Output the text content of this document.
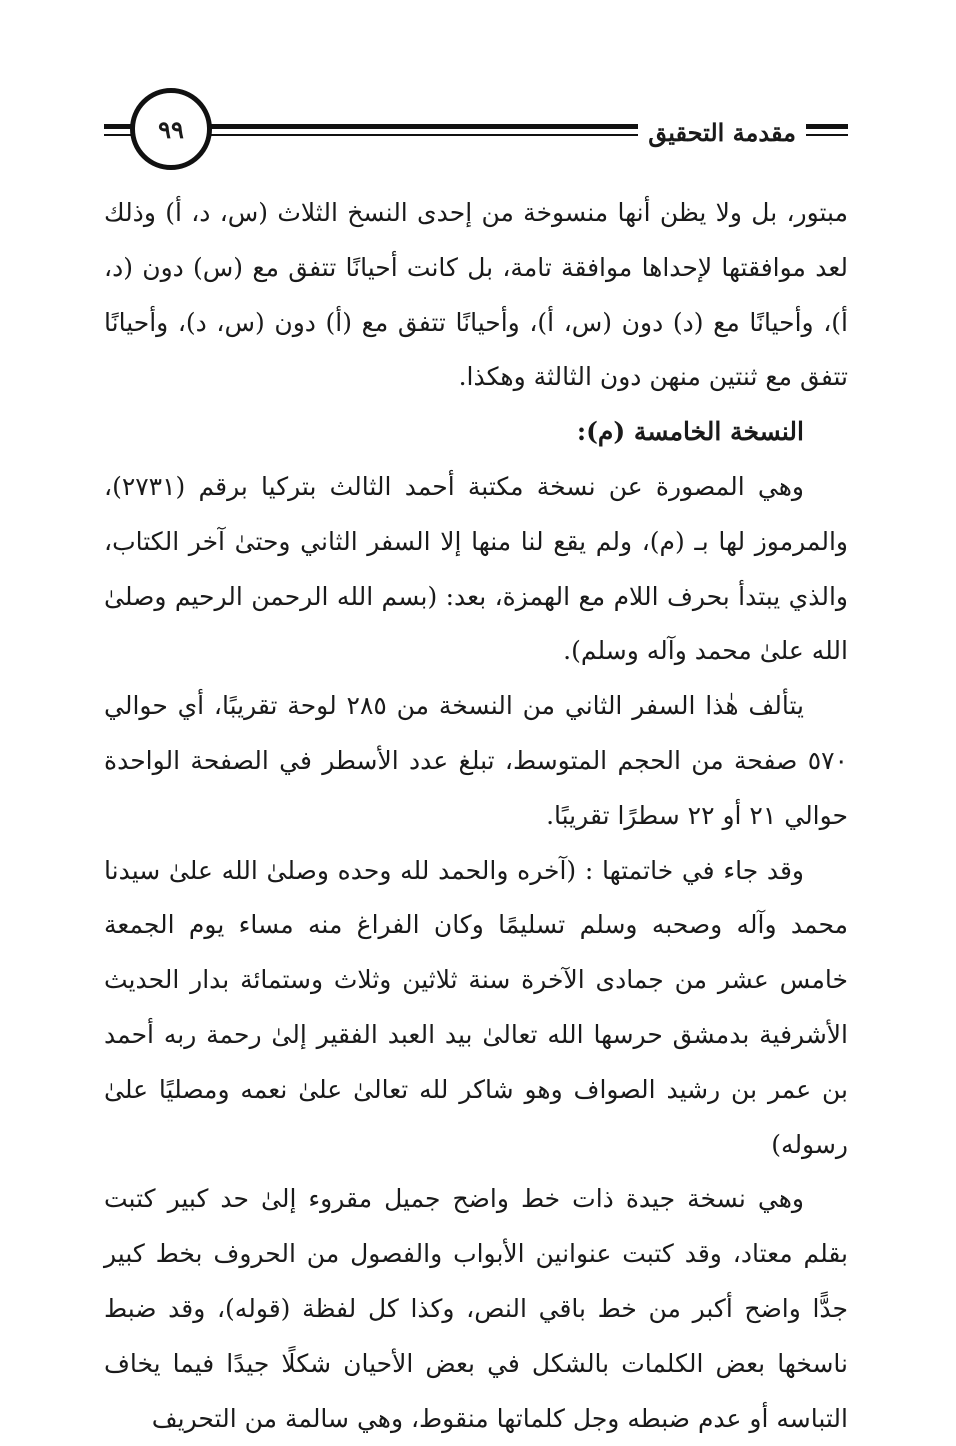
٩٩	مقدمة التحقيق

مبتور، بل ولا يظن أنها منسوخة من إحدى النسخ الثلاث (س، د، أ) وذلك لعد موافقتها لإحداها موافقة تامة، بل كانت أحيانًا تتفق مع (س) دون (د، أ)، وأحيانًا مع (د) دون (س، أ)، وأحيانًا تتفق مع (أ) دون (س، د)، وأحيانًا تتفق مع ثنتين منهن دون الثالثة وهكذا.

النسخة الخامسة (م):

وهي المصورة عن نسخة مكتبة أحمد الثالث بتركيا برقم (٢٧٣١)، والمرموز لها بـ (م)، ولم يقع لنا منها إلا السفر الثاني وحتىٰ آخر الكتاب، والذي يبتدأ بحرف اللام مع الهمزة، بعد: (بسم الله الرحمن الرحيم وصلىٰ الله علىٰ محمد وآله وسلم).

يتألف هٰذا السفر الثاني من النسخة من ٢٨٥ لوحة تقريبًا، أي حوالي ٥٧٠ صفحة من الحجم المتوسط، تبلغ عدد الأسطر في الصفحة الواحدة حوالي ٢١ أو ٢٢ سطرًا تقريبًا.

وقد جاء في خاتمتها : (آخره والحمد لله وحده وصلىٰ الله علىٰ سيدنا محمد وآله وصحبه وسلم تسليمًا وكان الفراغ منه مساء يوم الجمعة خامس عشر من جمادى الآخرة سنة ثلاثين وثلاث وستمائة بدار الحديث الأشرفية بدمشق حرسها الله تعالىٰ بيد العبد الفقير إلىٰ رحمة ربه أحمد بن عمر بن رشيد الصواف وهو شاكر لله تعالىٰ علىٰ نعمه ومصليًا علىٰ رسوله)

وهي نسخة جيدة ذات خط واضح جميل مقروء إلىٰ حد كبير كتبت بقلم معتاد، وقد كتبت عنوانين الأبواب والفصول من الحروف بخط كبير جدًّا واضح أكبر من خط باقي النص، وكذا كل لفظة (قوله)، وقد ضبط ناسخها بعض الكلمات بالشكل في بعض الأحيان شكلًا جيدًا فيما يخاف التباسه أو عدم ضبطه وجل كلماتها منقوط، وهي سالمة من التحريف
